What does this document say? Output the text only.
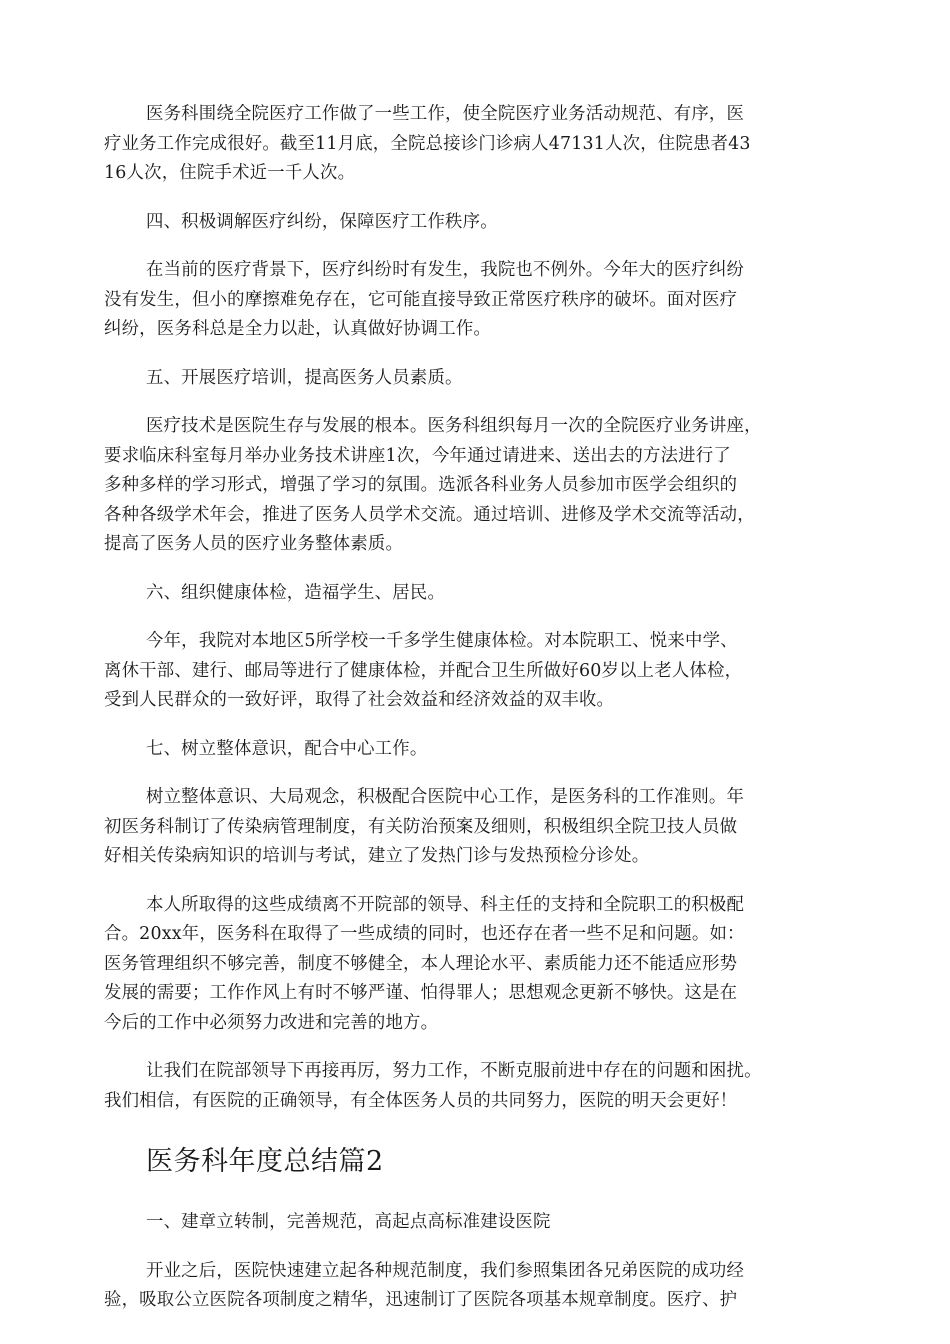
医务科围绕全院医疗工作做了一些工作，使全院医疗业务活动规范、有序，医
疗业务工作完成很好。截至11月底，全院总接诊门诊病人47131人次，住院患者43
16人次，住院手术近一千人次。

四、积极调解医疗纠纷，保障医疗工作秩序。

在当前的医疗背景下，医疗纠纷时有发生，我院也不例外。今年大的医疗纠纷
没有发生，但小的摩擦难免存在，它可能直接导致正常医疗秩序的破坏。面对医疗
纠纷，医务科总是全力以赴，认真做好协调工作。

五、开展医疗培训，提高医务人员素质。

医疗技术是医院生存与发展的根本。医务科组织每月一次的全院医疗业务讲座，
要求临床科室每月举办业务技术讲座1次，今年通过请进来、送出去的方法进行了
多种多样的学习形式，增强了学习的氛围。选派各科业务人员参加市医学会组织的
各种各级学术年会，推进了医务人员学术交流。通过培训、进修及学术交流等活动，
提高了医务人员的医疗业务整体素质。

六、组织健康体检，造福学生、居民。

今年，我院对本地区5所学校一千多学生健康体检。对本院职工、悦来中学、
离休干部、建行、邮局等进行了健康体检，并配合卫生所做好60岁以上老人体检，
受到人民群众的一致好评，取得了社会效益和经济效益的双丰收。

七、树立整体意识，配合中心工作。

树立整体意识、大局观念，积极配合医院中心工作，是医务科的工作准则。年
初医务科制订了传染病管理制度，有关防治预案及细则，积极组织全院卫技人员做
好相关传染病知识的培训与考试，建立了发热门诊与发热预检分诊处。

本人所取得的这些成绩离不开院部的领导、科主任的支持和全院职工的积极配
合。20xx年，医务科在取得了一些成绩的同时，也还存在者一些不足和问题。如：
医务管理组织不够完善，制度不够健全，本人理论水平、素质能力还不能适应形势
发展的需要；工作作风上有时不够严谨、怕得罪人；思想观念更新不够快。这是在
今后的工作中必须努力改进和完善的地方。

让我们在院部领导下再接再厉，努力工作，不断克服前进中存在的问题和困扰。
我们相信，有医院的正确领导，有全体医务人员的共同努力，医院的明天会更好！

医务科年度总结篇2

一、建章立转制，完善规范，高起点高标准建设医院

开业之后，医院快速建立起各种规范制度，我们参照集团各兄弟医院的成功经
验，吸取公立医院各项制度之精华，迅速制订了医院各项基本规章制度。医疗、护
